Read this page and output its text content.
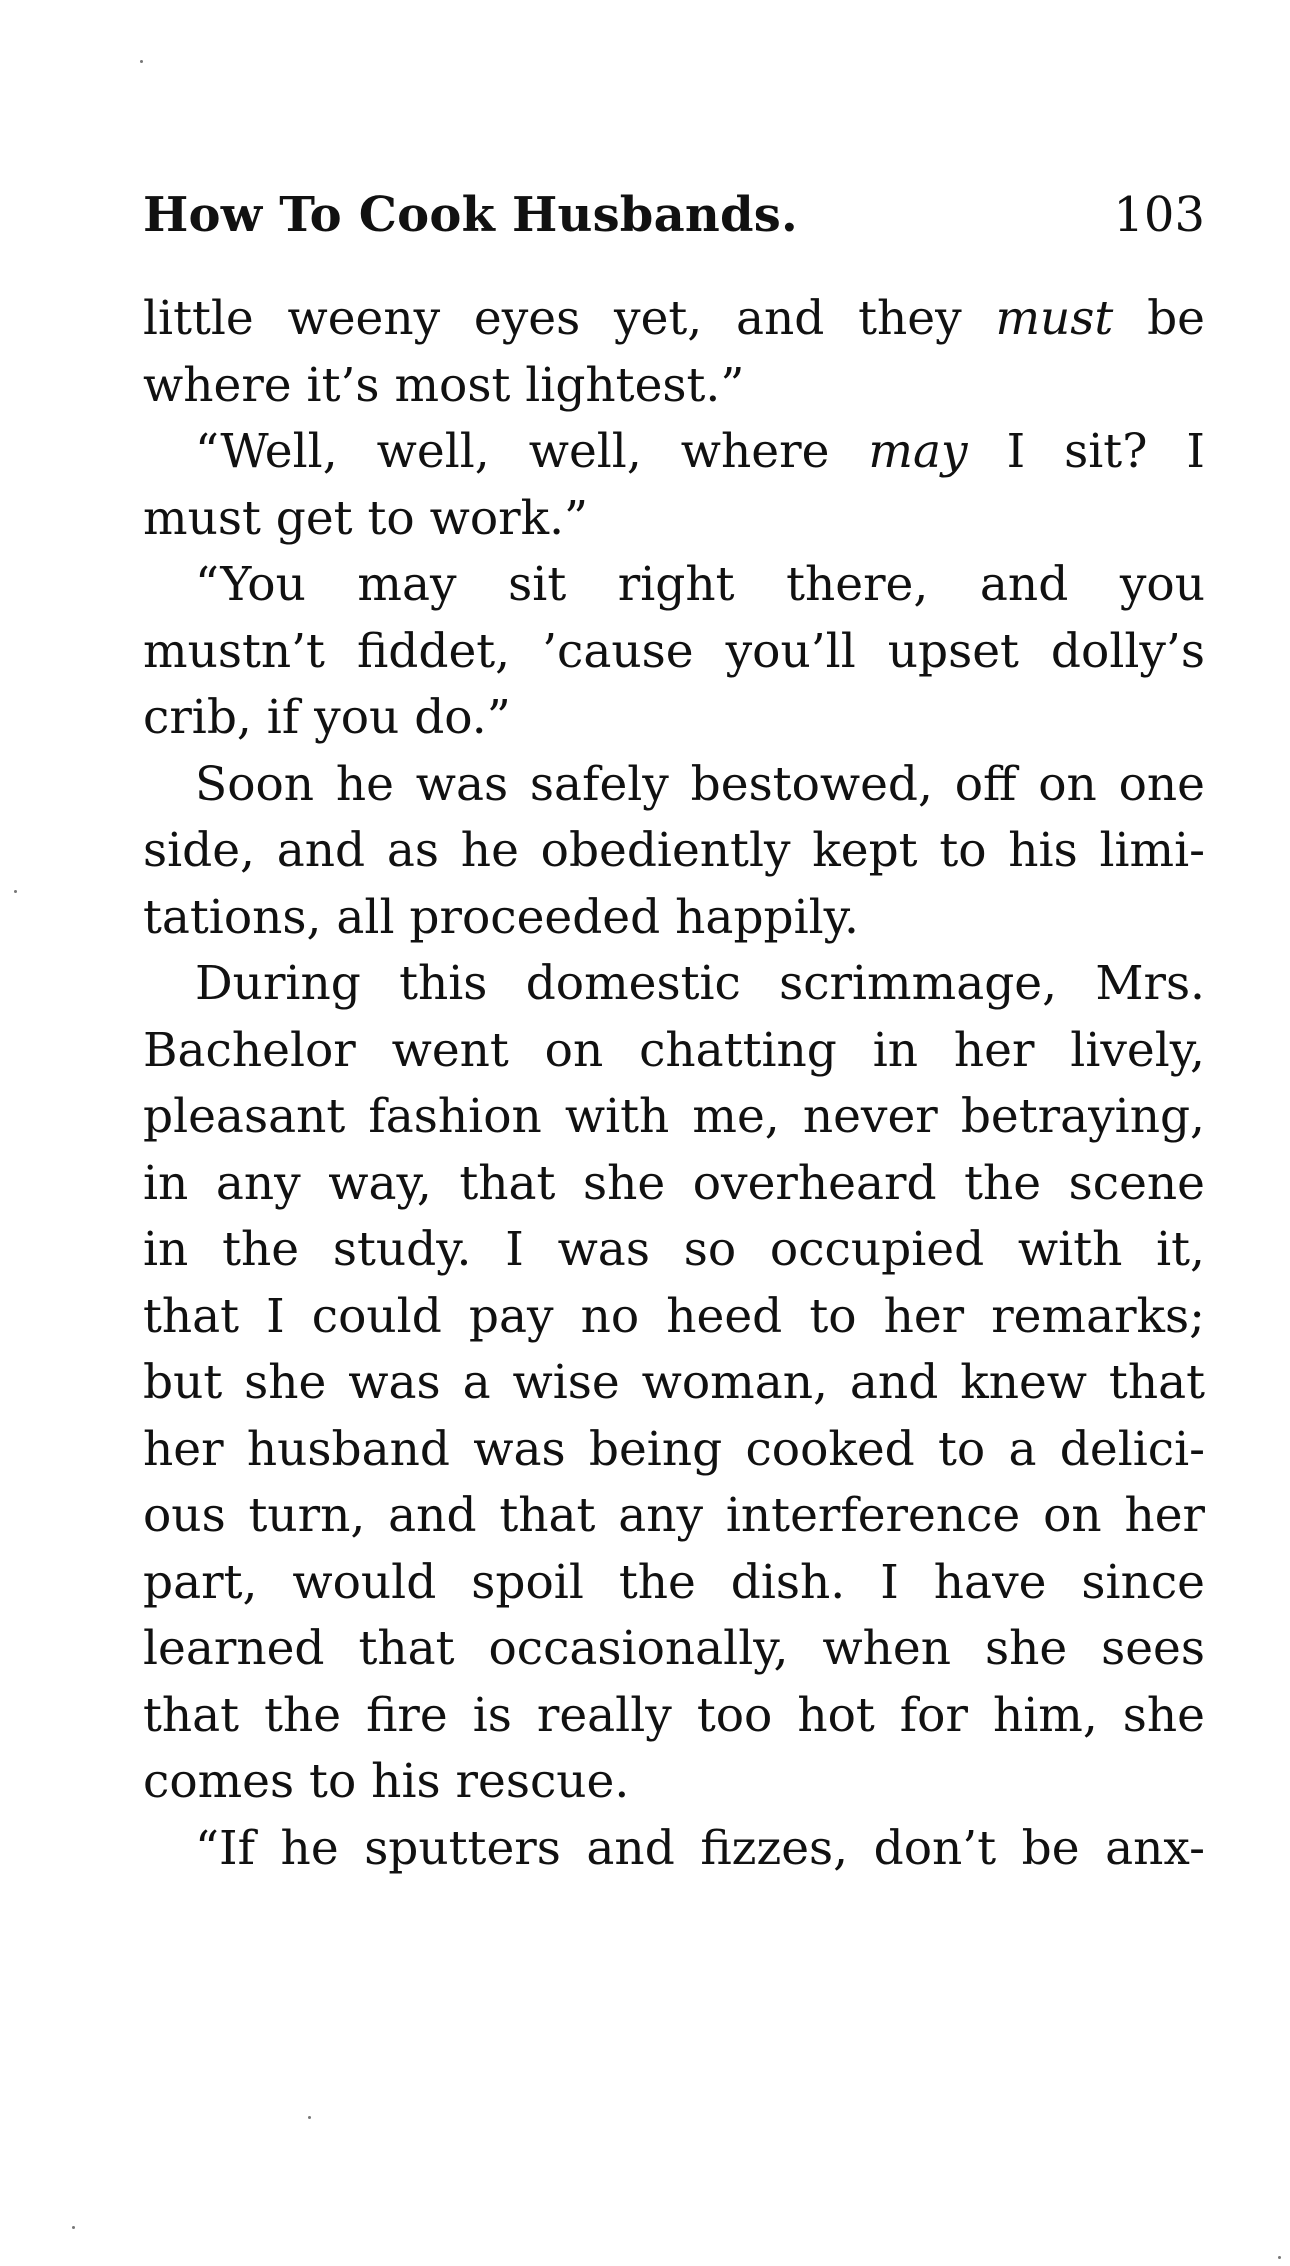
How To Cook Husbands.	103
little weeny eyes yet, and they must be
where it’s most lightest.”
“Well, well, well, where may I sit? I
must get to work.”
“You may sit right there, and you
mustn’t fiddet, ’cause you’ll upset dolly’s
crib, if you do.”
Soon he was safely bestowed, off on one
side, and as he obediently kept to his limi-
tations, all proceeded happily.
During this domestic scrimmage, Mrs.
Bachelor went on chatting in her lively,
pleasant fashion with me, never betraying,
in any way, that she overheard the scene
in the study. I was so occupied with it,
that I could pay no heed to her remarks;
but she was a wise woman, and knew that
her husband was being cooked to a delici-
ous turn, and that any interference on her
part, would spoil the dish. I have since
learned that occasionally, when she sees
that the fire is really too hot for him, she
comes to his rescue.
“If he sputters and fizzes, don’t be anx-
